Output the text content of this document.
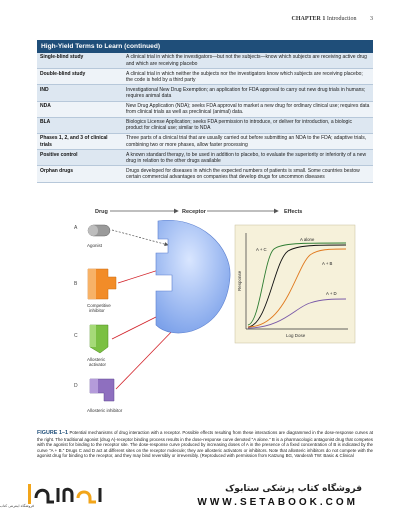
CHAPTER 1 Introduction 3
High-Yield Terms to Learn (continued)
Single-blind study	A clinical trial in which the investigators—but not the subjects—know which subjects are receiving active drug and which are receiving placebo
Double-blind study	A clinical trial in which neither the subjects nor the investigators know which subjects are receiving placebo; the code is held by a third party
IND	Investigational New Drug Exemption; an application for FDA approval to carry out new drug trials in humans; requires animal data
NDA	New Drug Application (NDA); seeks FDA approval to market a new drug for ordinary clinical use; requires data from clinical trials as well as preclinical (animal) data.
BLA	Biologics License Application; seeks FDA permission to introduce, or deliver for introduction, a biologic product for clinical use; similar to NDA
Phases 1, 2, and 3 of clinical trials	Three parts of a clinical trial that are usually carried out before submitting an NDA to the FDA; adaptive trials, combining two or more phases, allow faster processing
Positive control	A known standard therapy, to be used in addition to placebo, to evaluate the superiority or inferiority of a new drug in relation to the other drugs available
Orphan drugs	Drugs developed for diseases in which the expected numbers of patients is small. Some countries bestow certain commercial advantages on companies that develop drugs for uncommon diseases
Drug	Receptor	Effects
A
B
C
D
Agonist
Competitive
inhibitor
Allosteric
activator
Allosteric inhibitor
Response
Log Dose
A + C
A alone
A + B
A + D
FIGURE 1–1 Potential mechanisms of drug interaction with a receptor. Possible effects resulting from these interactions are diagrammed in the dose-response curves at the right. The traditional agonist (drug A)-receptor binding process results in the dose-response curve denoted "A alone." B is a pharmacologic antagonist drug that competes with the agonist for binding to the receptor site. The dose-response curve produced by increasing doses of A in the presence of a fixed concentration of B is indicated by the curve "A + B." Drugs C and D act at different sites on the receptor molecule; they are allosteric activators or inhibitors. Note that allosteric inhibitors do not compete with the agonist drug for binding to the receptor, and they may bind reversibly or irreversibly. (Reproduced with permission from Katzung BG, Vanderah TW: Basic & Clinical
فروشگاه اینترنتی کتاب
فروشگاه کتاب پزشکی ستابوک
WWW.SETABOOK.COM
